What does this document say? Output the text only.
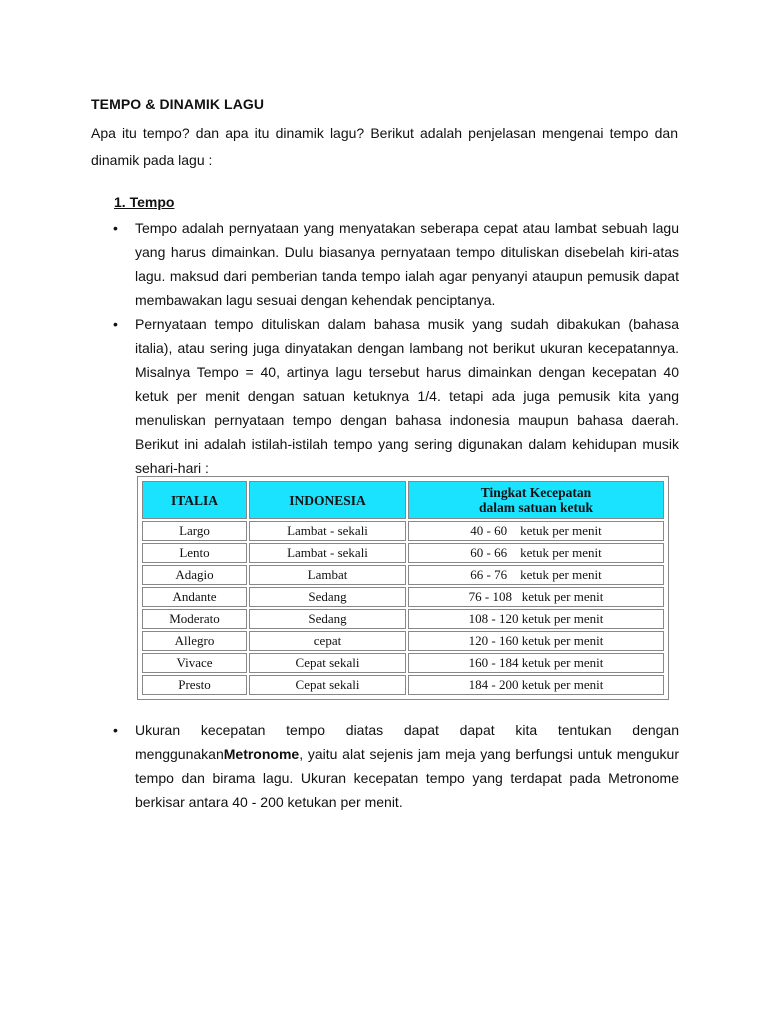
TEMPO & DINAMIK LAGU
Apa itu tempo? dan apa itu dinamik lagu? Berikut adalah penjelasan mengenai tempo dan dinamik pada lagu :
1. Tempo
•	Tempo adalah pernyataan yang menyatakan seberapa cepat atau lambat sebuah lagu yang harus dimainkan. Dulu biasanya pernyataan tempo dituliskan disebelah kiri-atas lagu. maksud dari pemberian tanda tempo ialah agar penyanyi ataupun pemusik dapat membawakan lagu sesuai dengan kehendak penciptanya.
•	Pernyataan tempo dituliskan dalam bahasa musik yang sudah dibakukan (bahasa italia), atau sering juga dinyatakan dengan lambang not berikut ukuran kecepatannya. Misalnya Tempo = 40, artinya lagu tersebut harus dimainkan dengan kecepatan 40 ketuk per menit dengan satuan ketuknya 1/4. tetapi ada juga pemusik kita yang menuliskan pernyataan tempo dengan bahasa indonesia maupun bahasa daerah. Berikut ini adalah istilah-istilah tempo yang sering digunakan dalam kehidupan musik sehari-hari :
ITALIA	INDONESIA	Tingkat Kecepatan
dalam satuan ketuk
Largo	Lambat - sekali	40 - 60    ketuk per menit
Lento	Lambat - sekali	60 - 66    ketuk per menit
Adagio	Lambat	66 - 76    ketuk per menit
Andante	Sedang	76 - 108   ketuk per menit
Moderato	Sedang	108 - 120 ketuk per menit
Allegro	cepat	120 - 160 ketuk per menit
Vivace	Cepat sekali	160 - 184 ketuk per menit
Presto	Cepat sekali	184 - 200 ketuk per menit
• Ukuran kecepatan tempo diatas dapat dapat kita tentukan dengan menggunakanMetronome, yaitu alat sejenis jam meja yang berfungsi untuk mengukur tempo dan birama lagu. Ukuran kecepatan tempo yang terdapat pada Metronome berkisar antara 40 - 200 ketukan per menit.
